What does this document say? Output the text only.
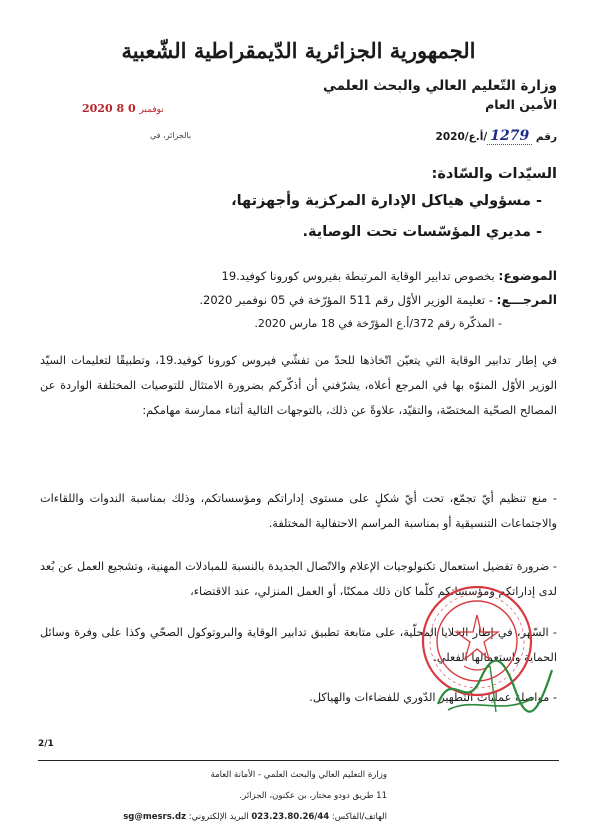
الجمهورية الجزائرية الدّيمقراطية الشّعبية
وزارة التّعليم العالي والبحث العلمي
الأمين العام
2020	نوفمبر 0 8
بالجزائر، في	رقم 1279/أ.ع/2020
السيّدات والسّادة:
- مسؤولي هياكل الإدارة المركزية وأجهزتها،
- مديري المؤسّسات تحت الوصاية.
الموضوع: بخصوص تدابير الوقاية المرتبطة بفيروس كورونا كوفيد.19
المرجـــع: - تعليمة الوزير الأوّل رقم 511 المؤرّخة في 05 نوفمبر 2020.
- المذكّرة رقم 372/أ.ع المؤرّخة في 18 مارس 2020.
في إطار تدابير الوقاية التي يتعيّن اتّخاذها للحدّ من تفشّي فيروس كورونا كوفيد.19، وتطبيقًا لتعليمات السيّد الوزير الأوّل المنوّه بها في المرجع أعلاه، يشرّفني أن أذكّركم بضرورة الامتثال للتوصيات المختلفة الواردة عن المصالح الصحّية المختصّة، والتقيّد، علاوةً عن ذلك، بالتوجهات التالية أثناء ممارسة مهامكم:
- منع تنظيم أيّ تجمّع، تحت أيّ شكلٍ على مستوى إداراتكم ومؤسساتكم، وذلك بمناسبة الندوات واللقاءات والاجتماعات التنسيقية أو بمناسبة المراسم الاحتفالية المختلفة.
- ضرورة تفضيل استعمال تكنولوجيات الإعلام والاتّصال الجديدة بالنسبة للمبادلات المهنية، وتشجيع العمل عن بُعد لدى إداراتكم ومؤسساتكم كلّما كان ذلك ممكنًا، أو العمل المنزلي، عند الاقتضاء،
- السّهر، في إطار الخلايا المحلّية، على متابعة تطبيق تدابير الوقاية والبروتوكول الصحّي وكذا على وفرة وسائل الحماية واستعمالها الفعلي.
- مواصلة عمليات التّطهير الدّوري للفضاءات والهياكل.
2/1
وزارة التعليم العالي والبحث العلمي - الأمانة العامة
11 طريق دودو مختار، بن عكنون، الجزائر.
الهاتف/الفاكس: 023.23.80.26/44 البريد الإلكتروني: sg@mesrs.dz
